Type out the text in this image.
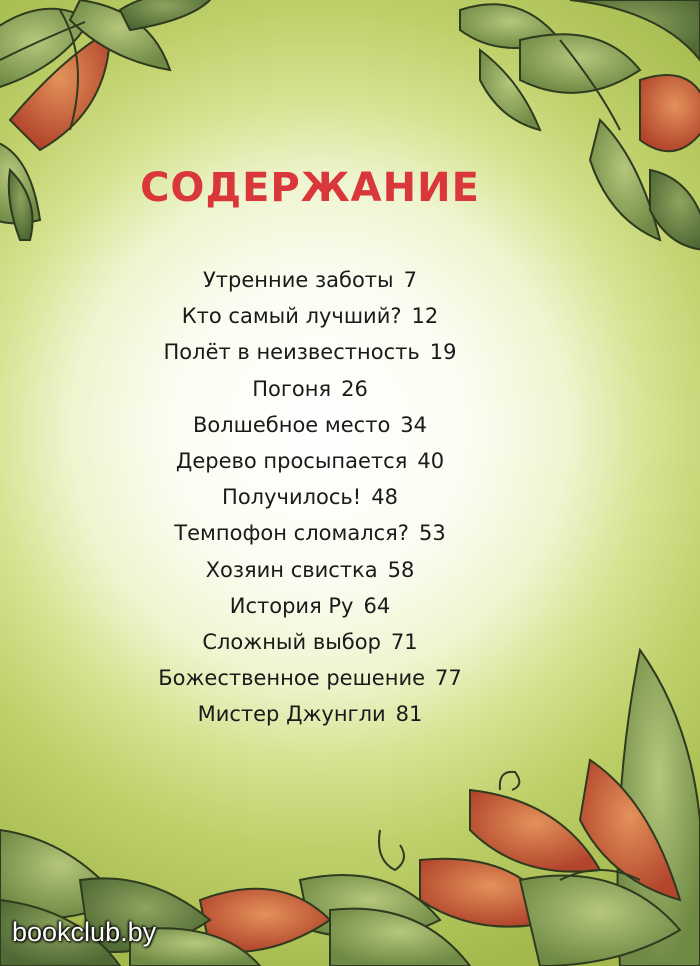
СОДЕРЖАНИЕ
Утренние заботы 7
Кто самый лучший? 12
Полёт в неизвестность 19
Погоня 26
Волшебное место 34
Дерево просыпается 40
Получилось! 48
Темпофон сломался? 53
Хозяин свистка 58
История Ру 64
Сложный выбор 71
Божественное решение 77
Мистер Джунгли 81
bookclub.by
